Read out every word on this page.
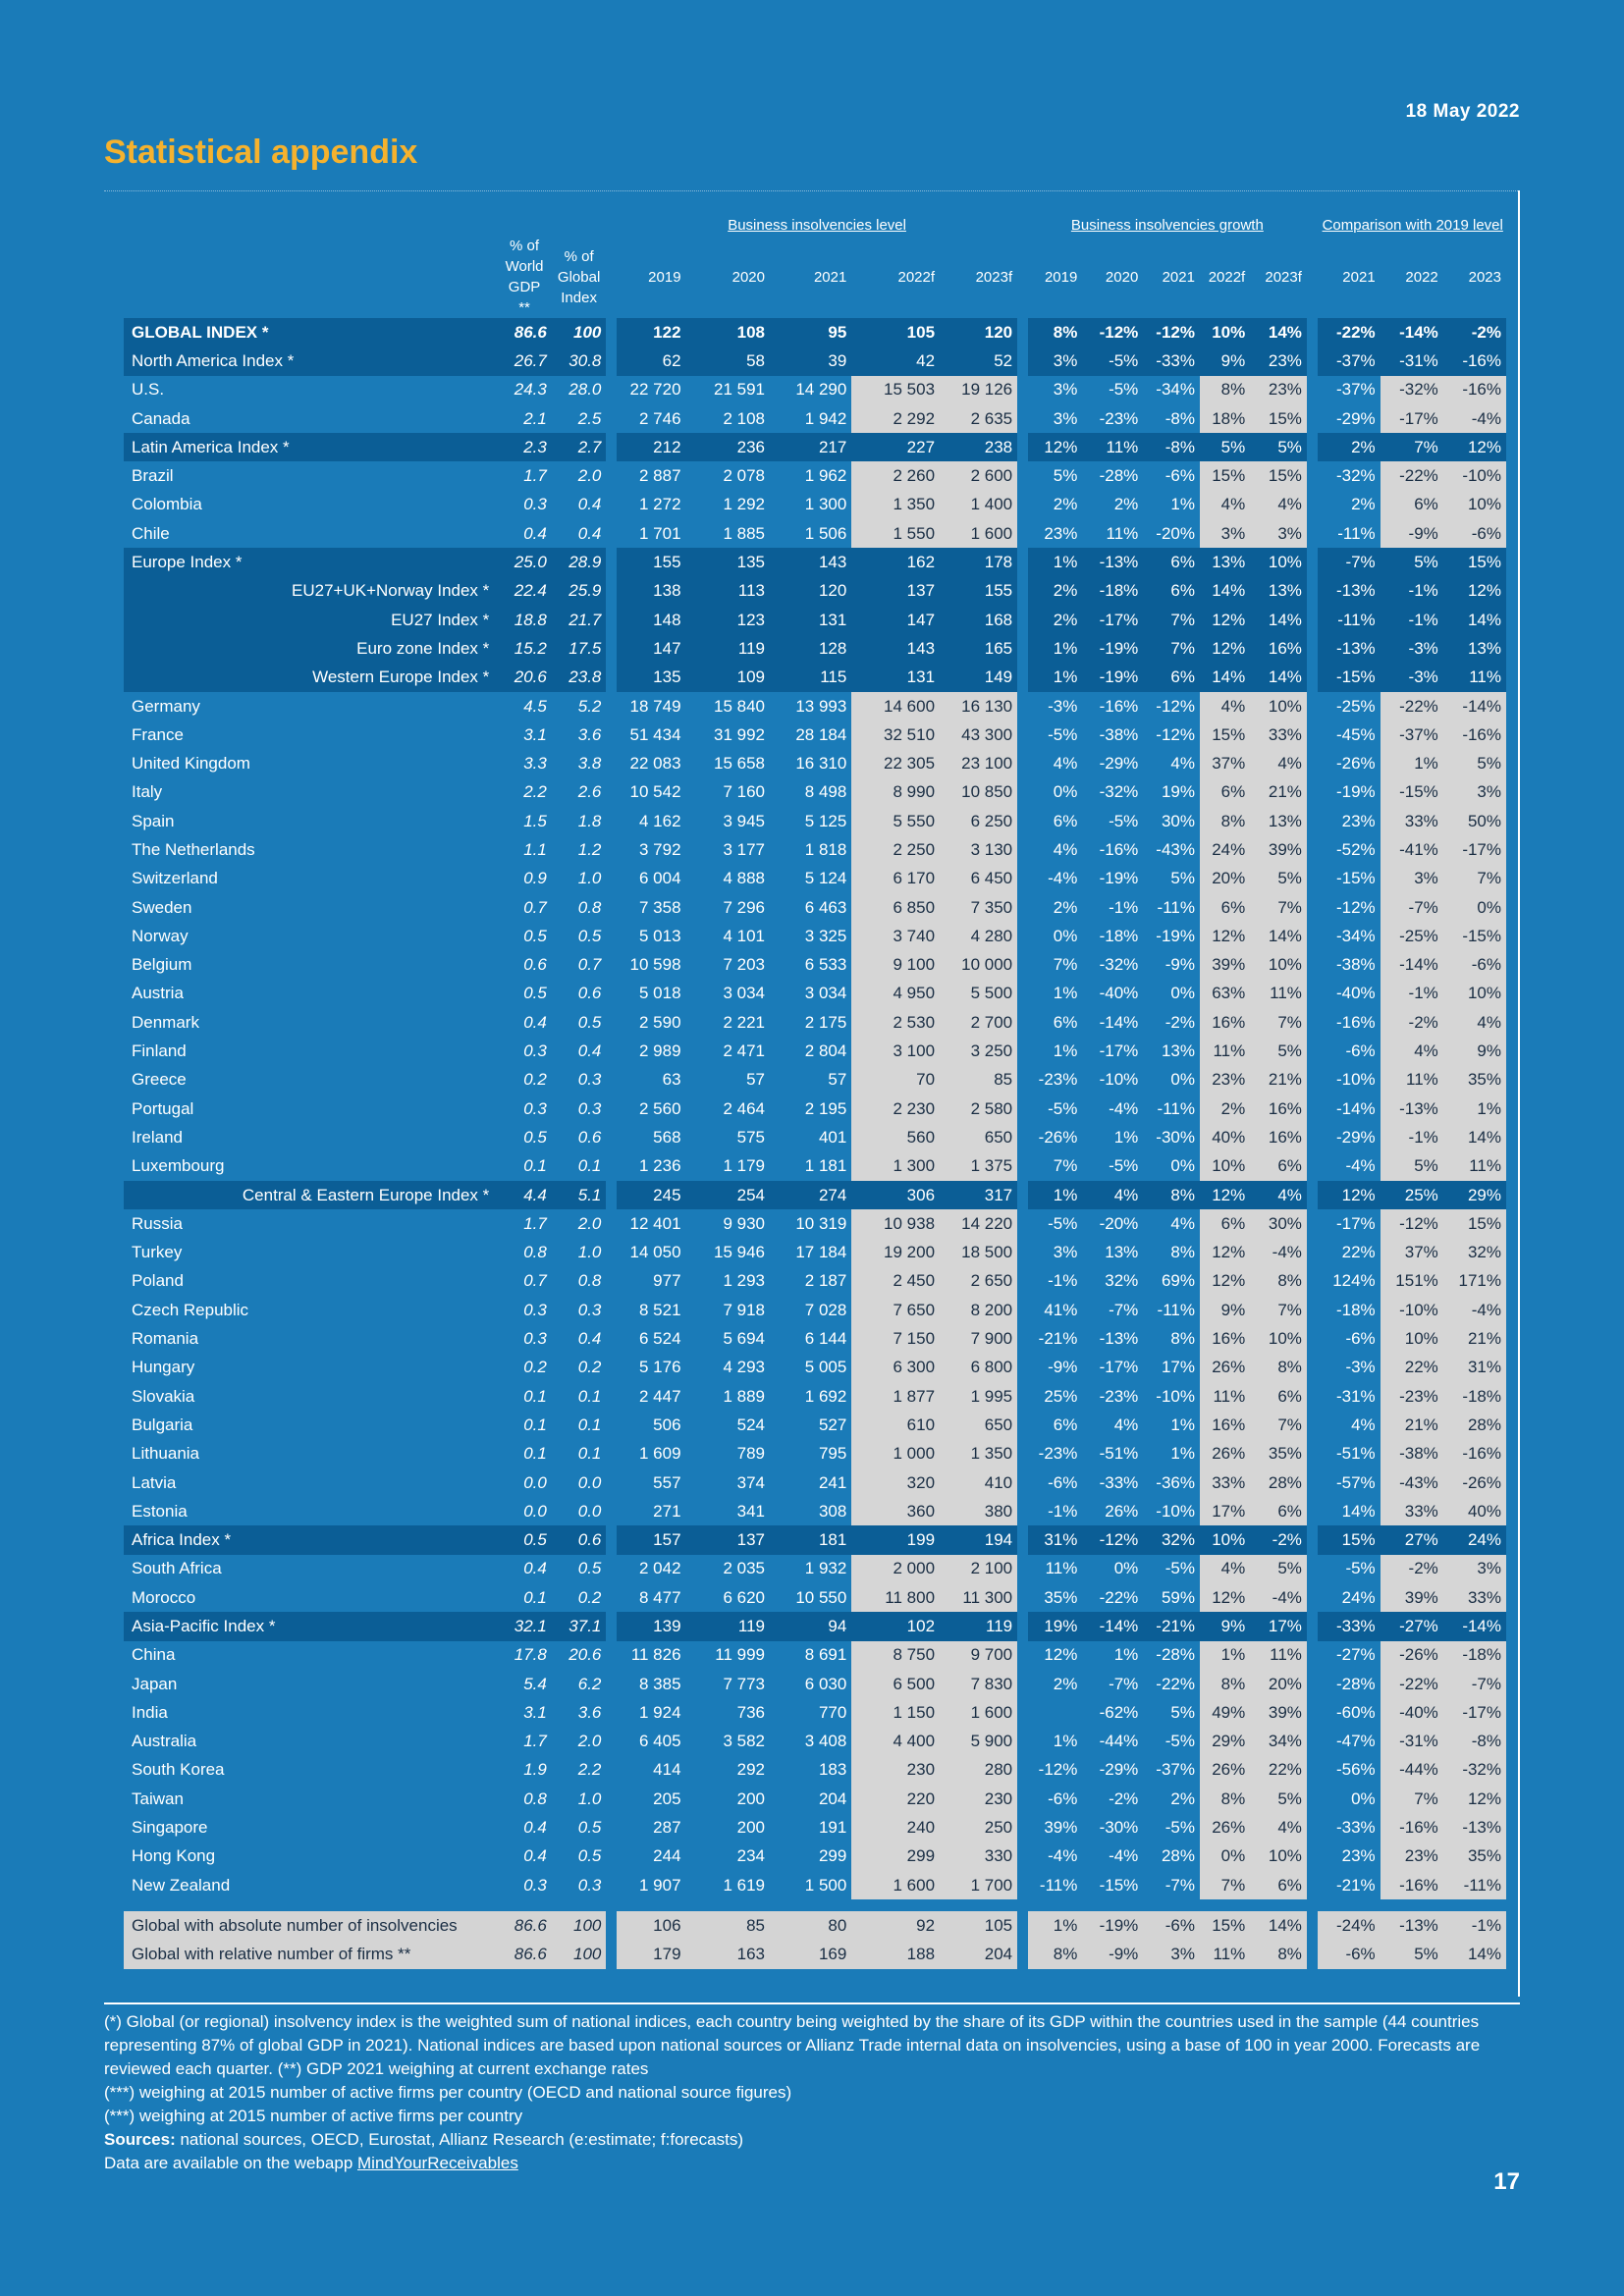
18 May 2022
Statistical appendix
				Business insolvencies level						Business insolvencies growth						Comparison with 2019 level		
	% of World GDP **	% of Global Index		2019	2020	2021	2022f	2023f		2019	2020	2021	2022f	2023f		2021	2022	2023
GLOBAL INDEX *	86.6	100		122	108	95	105	120		8%	-12%	-12%	10%	14%		-22%	-14%	-2%
North America Index *	26.7	30.8		62	58	39	42	52		3%	-5%	-33%	9%	23%		-37%	-31%	-16%
U.S.	24.3	28.0		22 720	21 591	14 290	15 503	19 126		3%	-5%	-34%	8%	23%		-37%	-32%	-16%
Canada	2.1	2.5		2 746	2 108	1 942	2 292	2 635		3%	-23%	-8%	18%	15%		-29%	-17%	-4%
Latin America Index *	2.3	2.7		212	236	217	227	238		12%	11%	-8%	5%	5%		2%	7%	12%
Brazil	1.7	2.0		2 887	2 078	1 962	2 260	2 600		5%	-28%	-6%	15%	15%		-32%	-22%	-10%
Colombia	0.3	0.4		1 272	1 292	1 300	1 350	1 400		2%	2%	1%	4%	4%		2%	6%	10%
Chile	0.4	0.4		1 701	1 885	1 506	1 550	1 600		23%	11%	-20%	3%	3%		-11%	-9%	-6%
Europe Index *	25.0	28.9		155	135	143	162	178		1%	-13%	6%	13%	10%		-7%	5%	15%
EU27+UK+Norway Index *	22.4	25.9		138	113	120	137	155		2%	-18%	6%	14%	13%		-13%	-1%	12%
EU27 Index *	18.8	21.7		148	123	131	147	168		2%	-17%	7%	12%	14%		-11%	-1%	14%
Euro zone Index *	15.2	17.5		147	119	128	143	165		1%	-19%	7%	12%	16%		-13%	-3%	13%
Western Europe Index *	20.6	23.8		135	109	115	131	149		1%	-19%	6%	14%	14%		-15%	-3%	11%
Germany	4.5	5.2		18 749	15 840	13 993	14 600	16 130		-3%	-16%	-12%	4%	10%		-25%	-22%	-14%
France	3.1	3.6		51 434	31 992	28 184	32 510	43 300		-5%	-38%	-12%	15%	33%		-45%	-37%	-16%
United Kingdom	3.3	3.8		22 083	15 658	16 310	22 305	23 100		4%	-29%	4%	37%	4%		-26%	1%	5%
Italy	2.2	2.6		10 542	7 160	8 498	8 990	10 850		0%	-32%	19%	6%	21%		-19%	-15%	3%
Spain	1.5	1.8		4 162	3 945	5 125	5 550	6 250		6%	-5%	30%	8%	13%		23%	33%	50%
The Netherlands	1.1	1.2		3 792	3 177	1 818	2 250	3 130		4%	-16%	-43%	24%	39%		-52%	-41%	-17%
Switzerland	0.9	1.0		6 004	4 888	5 124	6 170	6 450		-4%	-19%	5%	20%	5%		-15%	3%	7%
Sweden	0.7	0.8		7 358	7 296	6 463	6 850	7 350		2%	-1%	-11%	6%	7%		-12%	-7%	0%
Norway	0.5	0.5		5 013	4 101	3 325	3 740	4 280		0%	-18%	-19%	12%	14%		-34%	-25%	-15%
Belgium	0.6	0.7		10 598	7 203	6 533	9 100	10 000		7%	-32%	-9%	39%	10%		-38%	-14%	-6%
Austria	0.5	0.6		5 018	3 034	3 034	4 950	5 500		1%	-40%	0%	63%	11%		-40%	-1%	10%
Denmark	0.4	0.5		2 590	2 221	2 175	2 530	2 700		6%	-14%	-2%	16%	7%		-16%	-2%	4%
Finland	0.3	0.4		2 989	2 471	2 804	3 100	3 250		1%	-17%	13%	11%	5%		-6%	4%	9%
Greece	0.2	0.3		63	57	57	70	85		-23%	-10%	0%	23%	21%		-10%	11%	35%
Portugal	0.3	0.3		2 560	2 464	2 195	2 230	2 580		-5%	-4%	-11%	2%	16%		-14%	-13%	1%
Ireland	0.5	0.6		568	575	401	560	650		-26%	1%	-30%	40%	16%		-29%	-1%	14%
Luxembourg	0.1	0.1		1 236	1 179	1 181	1 300	1 375		7%	-5%	0%	10%	6%		-4%	5%	11%
Central & Eastern Europe Index *	4.4	5.1		245	254	274	306	317		1%	4%	8%	12%	4%		12%	25%	29%
Russia	1.7	2.0		12 401	9 930	10 319	10 938	14 220		-5%	-20%	4%	6%	30%		-17%	-12%	15%
Turkey	0.8	1.0		14 050	15 946	17 184	19 200	18 500		3%	13%	8%	12%	-4%		22%	37%	32%
Poland	0.7	0.8		977	1 293	2 187	2 450	2 650		-1%	32%	69%	12%	8%		124%	151%	171%
Czech Republic	0.3	0.3		8 521	7 918	7 028	7 650	8 200		41%	-7%	-11%	9%	7%		-18%	-10%	-4%
Romania	0.3	0.4		6 524	5 694	6 144	7 150	7 900		-21%	-13%	8%	16%	10%		-6%	10%	21%
Hungary	0.2	0.2		5 176	4 293	5 005	6 300	6 800		-9%	-17%	17%	26%	8%		-3%	22%	31%
Slovakia	0.1	0.1		2 447	1 889	1 692	1 877	1 995		25%	-23%	-10%	11%	6%		-31%	-23%	-18%
Bulgaria	0.1	0.1		506	524	527	610	650		6%	4%	1%	16%	7%		4%	21%	28%
Lithuania	0.1	0.1		1 609	789	795	1 000	1 350		-23%	-51%	1%	26%	35%		-51%	-38%	-16%
Latvia	0.0	0.0		557	374	241	320	410		-6%	-33%	-36%	33%	28%		-57%	-43%	-26%
Estonia	0.0	0.0		271	341	308	360	380		-1%	26%	-10%	17%	6%		14%	33%	40%
Africa Index *	0.5	0.6		157	137	181	199	194		31%	-12%	32%	10%	-2%		15%	27%	24%
South Africa	0.4	0.5		2 042	2 035	1 932	2 000	2 100		11%	0%	-5%	4%	5%		-5%	-2%	3%
Morocco	0.1	0.2		8 477	6 620	10 550	11 800	11 300		35%	-22%	59%	12%	-4%		24%	39%	33%
Asia-Pacific Index *	32.1	37.1		139	119	94	102	119		19%	-14%	-21%	9%	17%		-33%	-27%	-14%
China	17.8	20.6		11 826	11 999	8 691	8 750	9 700		12%	1%	-28%	1%	11%		-27%	-26%	-18%
Japan	5.4	6.2		8 385	7 773	6 030	6 500	7 830		2%	-7%	-22%	8%	20%		-28%	-22%	-7%
India	3.1	3.6		1 924	736	770	1 150	1 600			-62%	5%	49%	39%		-60%	-40%	-17%
Australia	1.7	2.0		6 405	3 582	3 408	4 400	5 900		1%	-44%	-5%	29%	34%		-47%	-31%	-8%
South Korea	1.9	2.2		414	292	183	230	280		-12%	-29%	-37%	26%	22%		-56%	-44%	-32%
Taiwan	0.8	1.0		205	200	204	220	230		-6%	-2%	2%	8%	5%		0%	7%	12%
Singapore	0.4	0.5		287	200	191	240	250		39%	-30%	-5%	26%	4%		-33%	-16%	-13%
Hong Kong	0.4	0.5		244	234	299	299	330		-4%	-4%	28%	0%	10%		23%	23%	35%
New Zealand	0.3	0.3		1 907	1 619	1 500	1 600	1 700		-11%	-15%	-7%	7%	6%		-21%	-16%	-11%

Global with absolute number of insolvencies	86.6	100		106	85	80	92	105		1%	-19%	-6%	15%	14%		-24%	-13%	-1%
Global with relative number of firms **	86.6	100		179	163	169	188	204		8%	-9%	3%	11%	8%		-6%	5%	14%

(*) Global (or regional) insolvency index is the weighted sum of national indices, each country being weighted by the share of its GDP within the countries used in the sample (44 countries representing 87% of global GDP in 2021). National indices are based upon national sources or Allianz Trade internal data on insolvencies, using a base of 100 in year 2000. Forecasts are reviewed each quarter. (**) GDP 2021 weighing at current exchange rates

(***) weighing at 2015 number of active firms per country (OECD and national source figures)

(***) weighing at 2015 number of active firms per country

Sources: national sources, OECD, Eurostat, Allianz Research (e:estimate; f:forecasts)

Data are available on the webapp MindYourReceivables

17
